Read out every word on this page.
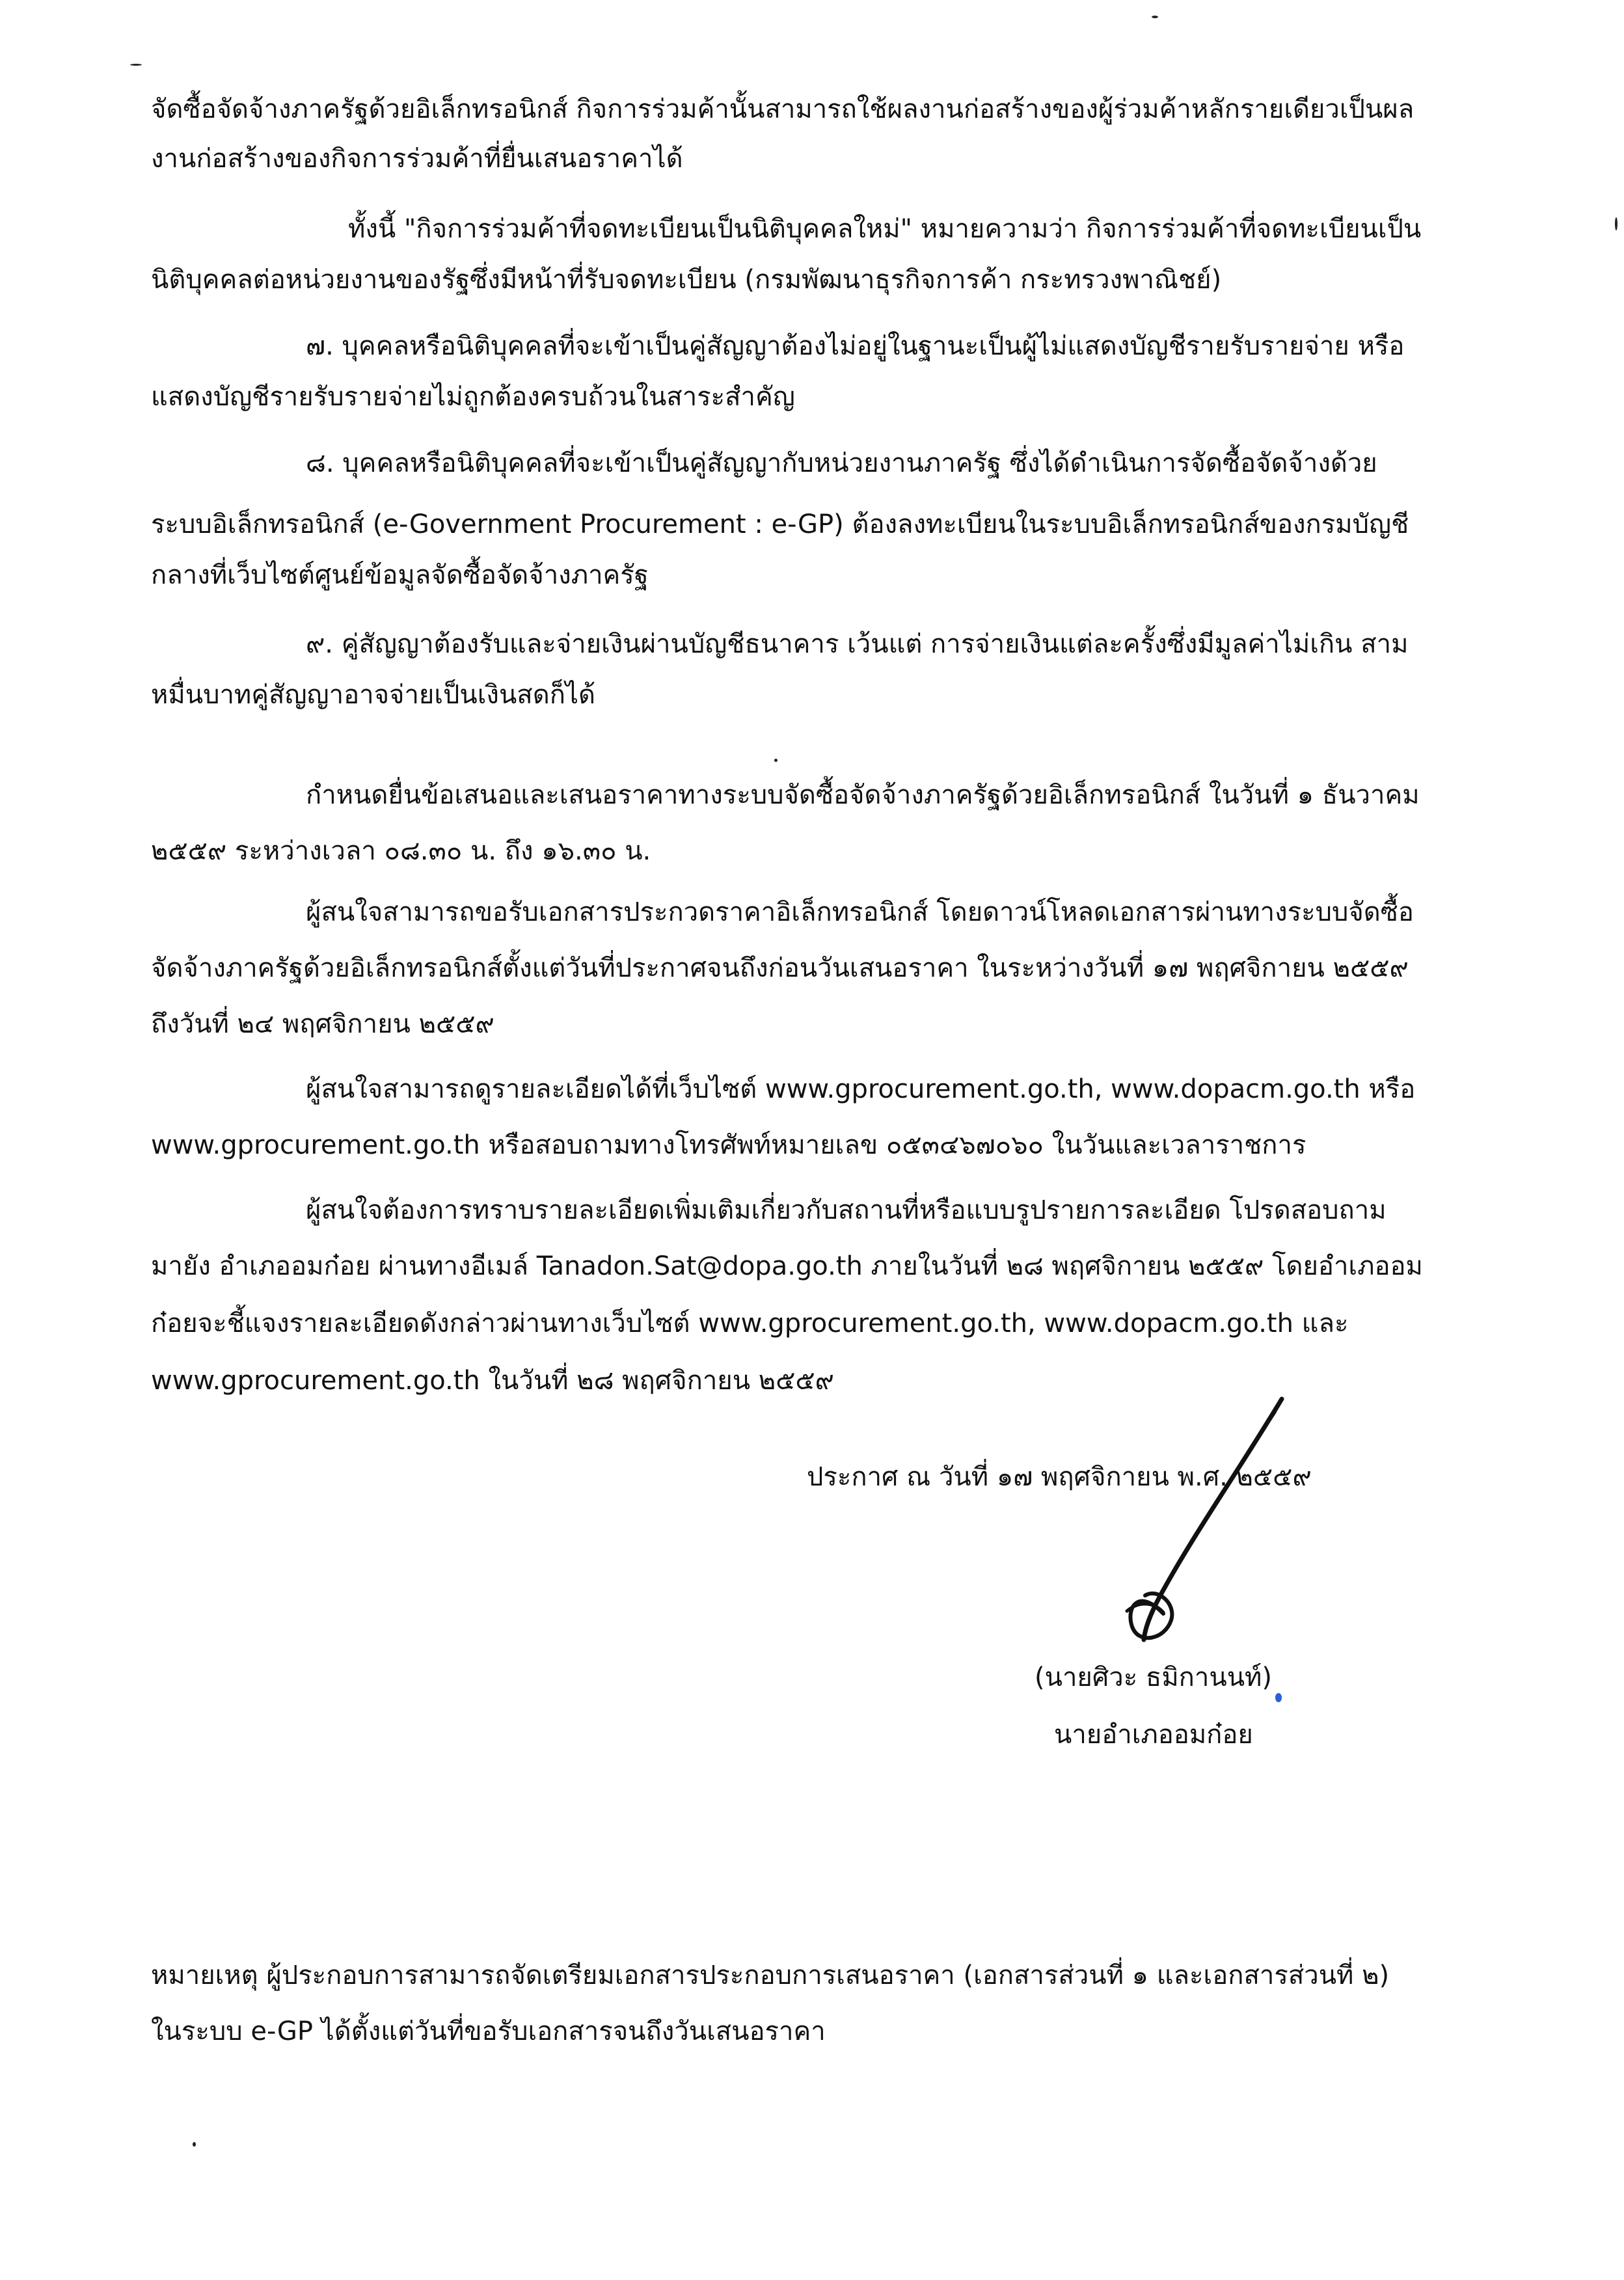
จัดซื้อจัดจ้างภาครัฐด้วยอิเล็กทรอนิกส์ กิจการร่วมค้านั้นสามารถใช้ผลงานก่อสร้างของผู้ร่วมค้าหลักรายเดียวเป็นผล
งานก่อสร้างของกิจการร่วมค้าที่ยื่นเสนอราคาได้
ทั้งนี้ "กิจการร่วมค้าที่จดทะเบียนเป็นนิติบุคคลใหม่" หมายความว่า กิจการร่วมค้าที่จดทะเบียนเป็น
นิติบุคคลต่อหน่วยงานของรัฐซึ่งมีหน้าที่รับจดทะเบียน (กรมพัฒนาธุรกิจการค้า กระทรวงพาณิชย์)
๗. บุคคลหรือนิติบุคคลที่จะเข้าเป็นคู่สัญญาต้องไม่อยู่ในฐานะเป็นผู้ไม่แสดงบัญชีรายรับรายจ่าย หรือ
แสดงบัญชีรายรับรายจ่ายไม่ถูกต้องครบถ้วนในสาระสำคัญ
๘. บุคคลหรือนิติบุคคลที่จะเข้าเป็นคู่สัญญากับหน่วยงานภาครัฐ ซึ่งได้ดำเนินการจัดซื้อจัดจ้างด้วย
ระบบอิเล็กทรอนิกส์ (e-Government Procurement : e-GP) ต้องลงทะเบียนในระบบอิเล็กทรอนิกส์ของกรมบัญชี
กลางที่เว็บไซต์ศูนย์ข้อมูลจัดซื้อจัดจ้างภาครัฐ
๙. คู่สัญญาต้องรับและจ่ายเงินผ่านบัญชีธนาคาร เว้นแต่ การจ่ายเงินแต่ละครั้งซึ่งมีมูลค่าไม่เกิน สาม
หมื่นบาทคู่สัญญาอาจจ่ายเป็นเงินสดก็ได้
กำหนดยื่นข้อเสนอและเสนอราคาทางระบบจัดซื้อจัดจ้างภาครัฐด้วยอิเล็กทรอนิกส์ ในวันที่ ๑ ธันวาคม
๒๕๕๙ ระหว่างเวลา ๐๘.๓๐ น. ถึง ๑๖.๓๐ น.
ผู้สนใจสามารถขอรับเอกสารประกวดราคาอิเล็กทรอนิกส์ โดยดาวน์โหลดเอกสารผ่านทางระบบจัดซื้อ
จัดจ้างภาครัฐด้วยอิเล็กทรอนิกส์ตั้งแต่วันที่ประกาศจนถึงก่อนวันเสนอราคา ในระหว่างวันที่ ๑๗ พฤศจิกายน ๒๕๕๙
ถึงวันที่ ๒๔ พฤศจิกายน ๒๕๕๙
ผู้สนใจสามารถดูรายละเอียดได้ที่เว็บไซต์ www.gprocurement.go.th, www.dopacm.go.th หรือ
www.gprocurement.go.th หรือสอบถามทางโทรศัพท์หมายเลข ๐๕๓๔๖๗๐๖๐ ในวันและเวลาราชการ
ผู้สนใจต้องการทราบรายละเอียดเพิ่มเติมเกี่ยวกับสถานที่หรือแบบรูปรายการละเอียด โปรดสอบถาม
มายัง อำเภออมก๋อย ผ่านทางอีเมล์ Tanadon.Sat@dopa.go.th ภายในวันที่ ๒๘ พฤศจิกายน ๒๕๕๙ โดยอำเภออม
ก๋อยจะชี้แจงรายละเอียดดังกล่าวผ่านทางเว็บไซต์ www.gprocurement.go.th, www.dopacm.go.th และ
www.gprocurement.go.th ในวันที่ ๒๘ พฤศจิกายน ๒๕๕๙
ประกาศ ณ วันที่ ๑๗ พฤศจิกายน พ.ศ. ๒๕๕๙
(นายศิวะ ธมิกานนท์)
นายอำเภออมก๋อย
หมายเหตุ ผู้ประกอบการสามารถจัดเตรียมเอกสารประกอบการเสนอราคา (เอกสารส่วนที่ ๑ และเอกสารส่วนที่ ๒)
ในระบบ e-GP ได้ตั้งแต่วันที่ขอรับเอกสารจนถึงวันเสนอราคา
